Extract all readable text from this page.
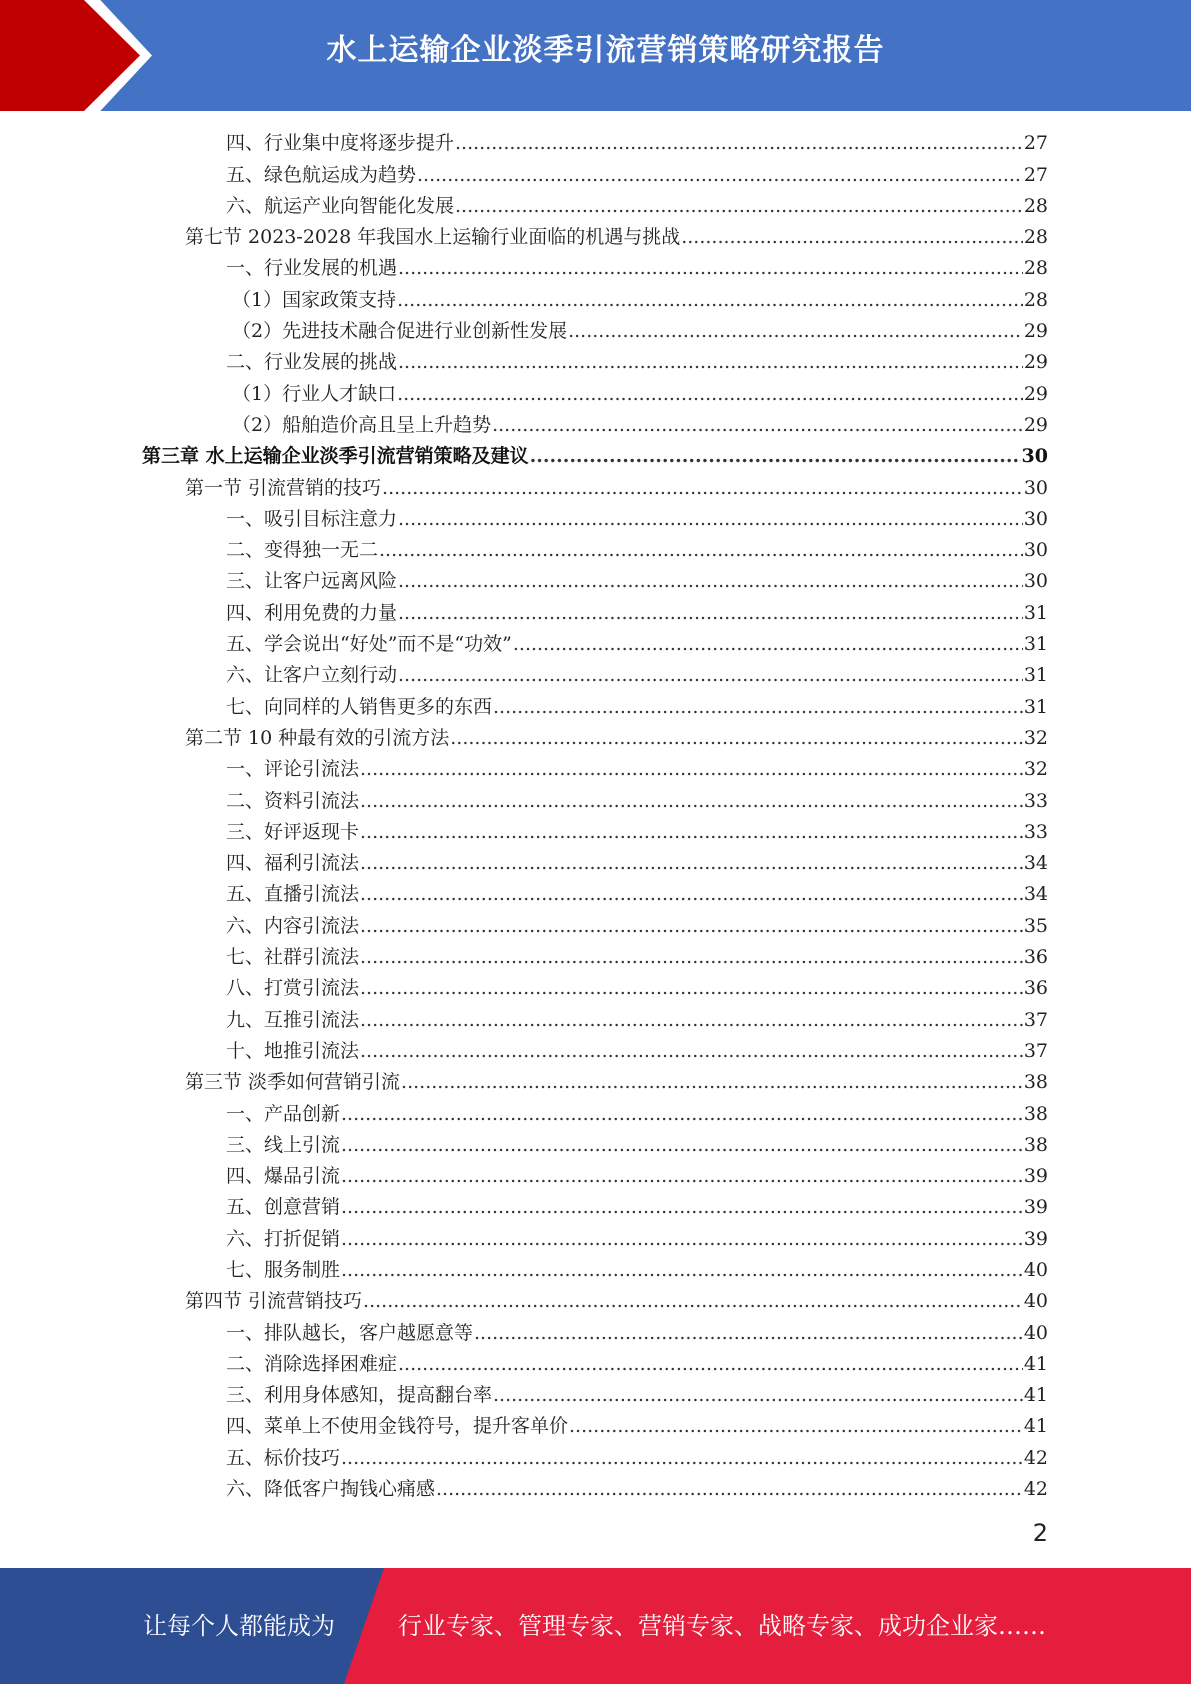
水上运输企业淡季引流营销策略研究报告
四、行业集中度将逐步提升 .....	27
五、绿色航运成为趋势 .....	27
六、航运产业向智能化发展 .....	28
第七节 2023-2028 年我国水上运输行业面临的机遇与挑战 .....	28
一、行业发展的机遇 .....	28
（1）国家政策支持 .....	28
（2）先进技术融合促进行业创新性发展 .....	29
二、行业发展的挑战 .....	29
（1）行业人才缺口 .....	29
（2）船舶造价高且呈上升趋势 .....	29
第三章 水上运输企业淡季引流营销策略及建议 .....	30
第一节 引流营销的技巧 .....	30
一、吸引目标注意力 .....	30
二、变得独一无二 .....	30
三、让客户远离风险 .....	30
四、利用免费的力量 .....	31
五、学会说出“好处”而不是“功效” .....	31
六、让客户立刻行动 .....	31
七、向同样的人销售更多的东西 .....	31
第二节 10 种最有效的引流方法 .....	32
一、评论引流法 .....	32
二、资料引流法 .....	33
三、好评返现卡 .....	33
四、福利引流法 .....	34
五、直播引流法 .....	34
六、内容引流法 .....	35
七、社群引流法 .....	36
八、打赏引流法 .....	36
九、互推引流法 .....	37
十、地推引流法 .....	37
第三节 淡季如何营销引流 .....	38
一、产品创新 .....	38
三、线上引流 .....	38
四、爆品引流 .....	39
五、创意营销 .....	39
六、打折促销 .....	39
七、服务制胜 .....	40
第四节 引流营销技巧 .....	40
一、排队越长，客户越愿意等 .....	40
二、消除选择困难症 .....	41
三、利用身体感知，提高翻台率 .....	41
四、菜单上不使用金钱符号，提升客单价 .....	41
五、标价技巧 .....	42
六、降低客户掏钱心痛感 .....	42
2
让每个人都能成为	行业专家、管理专家、营销专家、战略专家、成功企业家……
